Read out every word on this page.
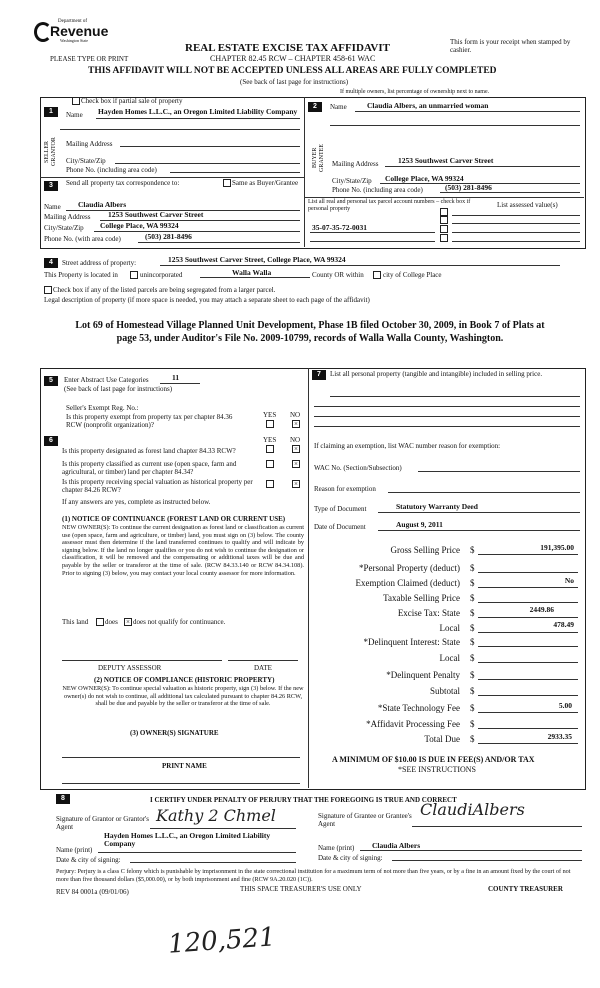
Department of
Revenue
Washington State
PLEASE TYPE OR PRINT
REAL ESTATE EXCISE TAX AFFIDAVIT
CHAPTER 82.45 RCW – CHAPTER 458-61 WAC
THIS AFFIDAVIT WILL NOT BE ACCEPTED UNLESS ALL AREAS ARE FULLY COMPLETED
(See back of last page for instructions)
This form is your receipt when stamped by cashier.
If multiple owners, list percentage of ownership next to name.
Check box if partial sale of property
1	Name Hayden Homes L.L.C., an Oregon Limited Liability Company
SELLER GRANTOR Mailing Address
City/State/Zip
Phone No. (including area code)
2	Name	Claudia Albers, an unmarried woman
BUYER GRANTEE Mailing Address	1253 Southwest Carver Street
City/State/Zip College Place, WA 99324
Phone No. (including area code)	(503) 281-8496
3	Send all property tax correspondence to:	Same as Buyer/Grantee
Name Claudia Albers
Mailing Address 1253 Southwest Carver Street
City/State/Zip College Place, WA 99324
Phone No. (with area code)	(503) 281-8496
List all real and personal tax parcel account numbers – check box if personal property	List assessed value(s)
35-07-35-72-0031
4	Street address of property:	1253 Southwest Carver Street, College Place, WA 99324
This Property is located in	unincorporated	Walla Walla	County OR within	city of College Place
Check box if any of the listed parcels are being segregated from a larger parcel.
Legal description of property (if more space is needed, you may attach a separate sheet to each page of the affidavit)
Lot 69 of Homestead Village Planned Unit Development, Phase 1B filed October 30, 2009, in Book 7 of Plats at page 53, under Auditor's File No. 2009-10799, records of Walla Walla County, Washington.
5	Enter Abstract Use Categories	11
(See back of last page for instructions)
Seller's Exempt Reg. No.:
YES NO
Is this property exempt from property tax per chapter 84.36 RCW (nonprofit organization)?	×
6	YES NO
Is this property designated as forest land chapter 84.33 RCW?	×
Is this property classified as current use (open space, farm and agricultural, or timber) land per chapter 84.34?
×
Is this property receiving special valuation as historical property per chapter 84.26 RCW?
×
If any answers are yes, complete as instructed below.
(1) NOTICE OF CONTINUANCE (FOREST LAND OR CURRENT USE)
NEW OWNER(S): To continue the current designation as forest land or classification as current use (open space, farm and agriculture, or timber) land, you must sign on (3) below. The county assessor must then determine if the land transferred continues to qualify and will indicate by signing below. If the land no longer qualifies or you do not wish to continue the designation or classification, it will be removed and the compensating or additional taxes will be due and payable by the seller or transferor at the time of sale. (RCW 84.33.140 or RCW 84.34.108). Prior to signing (3) below, you may contact your local county assessor for more information.
This land does × does not qualify for continuance.
DEPUTY ASSESSOR	DATE
(2) NOTICE OF COMPLIANCE (HISTORIC PROPERTY)
NEW OWNER(S): To continue special valuation as historic property, sign (3) below. If the new owner(s) do not wish to continue, all additional tax calculated pursuant to chapter 84.26 RCW, shall be due and payable by the seller or transferor at the time of sale.
(3) OWNER(S) SIGNATURE
PRINT NAME
7	List all personal property (tangible and intangible) included in selling price.
If claiming an exemption, list WAC number reason for exemption:
WAC No. (Section/Subsection)
Reason for exemption
Type of Document	Statutory Warranty Deed
Date of Document	August 9, 2011
Gross Selling Price $	191,395.00
*Personal Property (deduct) $
Exemption Claimed (deduct) $	No
Taxable Selling Price $
Excise Tax: State $	2449.86
Local $	478.49
*Delinquent Interest: State $
Local $
*Delinquent Penalty $
Subtotal $
*State Technology Fee $	5.00
*Affidavit Processing Fee $
Total Due $	2933.35
A MINIMUM OF $10.00 IS DUE IN FEE(S) AND/OR TAX
*SEE INSTRUCTIONS
8	I CERTIFY UNDER PENALTY OF PERJURY THAT THE FOREGOING IS TRUE AND CORRECT
Signature of Grantor or Grantor's Agent
Kathy 2 Chmel
Hayden Homes L.L.C., an Oregon Limited Liability Company
Name (print)
Date & city of signing:
Signature of Grantee or Grantee's Agent
ClaudiAlbers
Name (print) Claudia Albers
Date & city of signing:
Perjury: Perjury is a class C felony which is punishable by imprisonment in the state correctional institution for a maximum term of not more than five years, or by a fine in an amount fixed by the court of not more than five thousand dollars ($5,000.00), or by both imprisonment and fine (RCW 9A.20.020 (1C)).
REV 84 0001a (09/01/06)	THIS SPACE TREASURER'S USE ONLY	COUNTY TREASURER
120,521
